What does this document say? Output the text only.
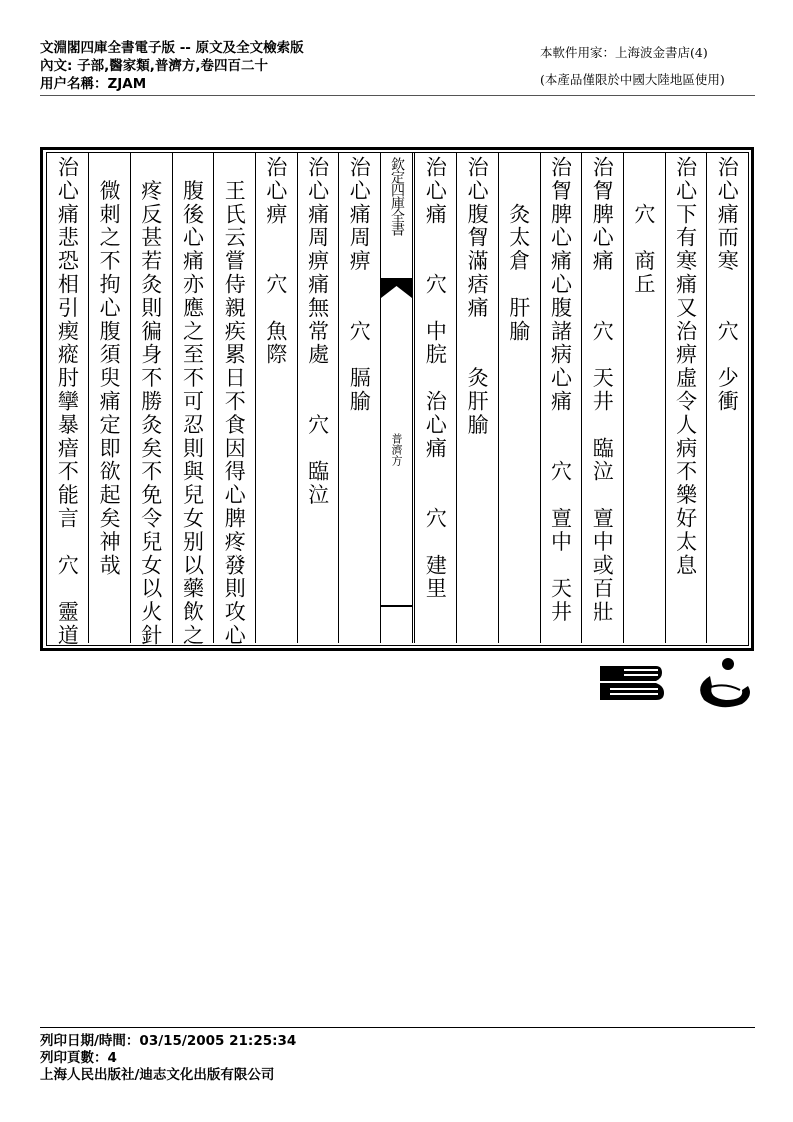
文淵閣四庫全書電子版 -- 原文及全文檢索版
內文: 子部,醫家類,普濟方,卷四百二十
用户名稱：ZJAM
本軟件用家：上海波金書店(4)
(本產品僅限於中國大陸地區使用)
治心痛而寒　　穴　少衝
治心下有寒痛又治痹虛令人病不樂好太息
　　穴　商丘
治胷脾心痛　　穴　天井　臨泣　亶中或百壯
治胷脾心痛心腹諸病心痛　　穴　亶中　天井
　　灸太倉　肝腧
治心腹胷滿痞痛　　灸肝腧
治心痛　　穴　中脘　治心痛　　穴　建里
治心痛周痹　　穴　膈腧
治心痛周痹痛無常處　　穴　臨泣
治心痹　　穴　魚際
　王氏云嘗侍親疾累日不食因得心脾疼發則攻心
　腹後心痛亦應之至不可忍則與兒女别以藥飲之
　疼反甚若灸則徧身不勝灸矣不免令兒女以火針
　微刺之不拘心腹須臾痛定即欲起矣神哉
治心痛悲恐相引瘈瘲肘攣暴瘖不能言　穴　靈道	欽定四庫全書
普濟方
列印日期/時間：03/15/2005 21:25:34
列印頁數：4
上海人民出版社/迪志文化出版有限公司
